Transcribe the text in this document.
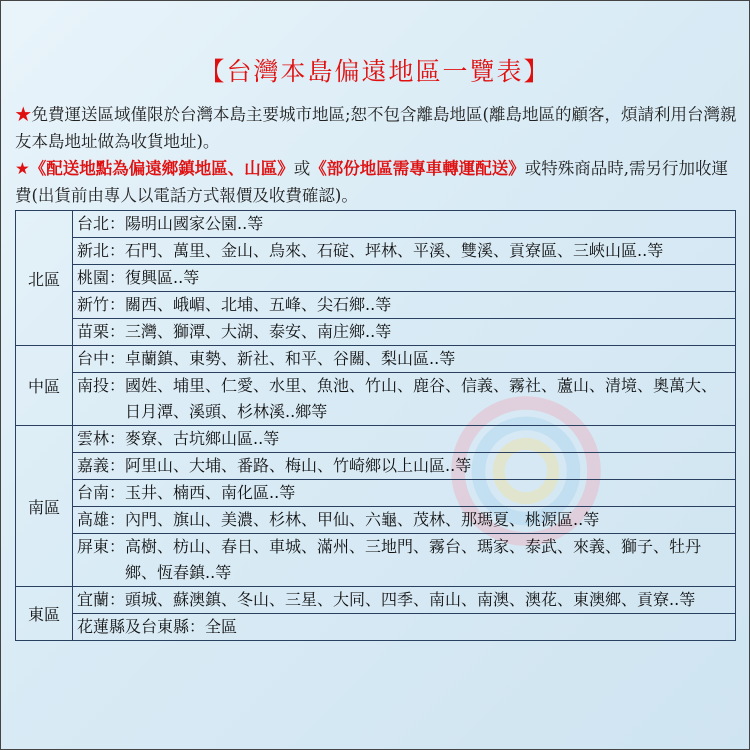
【台灣本島偏遠地區一覽表】

★免費運送區域僅限於台灣本島主要城市地區;恕不包含離島地區(離島地區的顧客，煩請利用台灣親友本島地址做為收貨地址)。

★《配送地點為偏遠鄉鎮地區、山區》或《部份地區需專車轉運配送》或特殊商品時,需另行加收運費(出貨前由專人以電話方式報價及收費確認)。

北區	台北 ： 陽明山國家公園..等

	新北 ： 石門、萬里、金山、烏來、石碇、坪林、平溪、雙溪、貢寮區、三峽山區..等

	桃園 ： 復興區..等

	新竹 ： 關西、峨嵋、北埔、五峰、尖石鄉..等

	苗栗 ： 三灣、獅潭、大湖、泰安、南庄鄉..等

中區	台中 ： 卓蘭鎮、東勢、新社、和平、谷關、梨山區..等

	南投 ： 國姓、埔里、仁愛、水里、魚池、竹山、鹿谷、信義、霧社、蘆山、清境、奧萬大、日月潭、溪頭、杉林溪..鄉等

南區	雲林 ： 麥寮、古坑鄉山區..等

	嘉義 ： 阿里山、大埔、番路、梅山、竹崎鄉以上山區..等

	台南 ： 玉井、楠西、南化區..等

	高雄 ： 內門、旗山、美濃、杉林、甲仙、六龜、茂林、那瑪夏、桃源區..等

	屏東 ： 高樹、枋山、春日、車城、滿州、三地門、霧台、瑪家、泰武、來義、獅子、牡丹鄉、恆春鎮..等

東區	宜蘭 ： 頭城、蘇澳鎮、冬山、三星、大同、四季、南山、南澳、澳花、東澳鄉、貢寮..等

	花蓮縣及台東縣：全區
